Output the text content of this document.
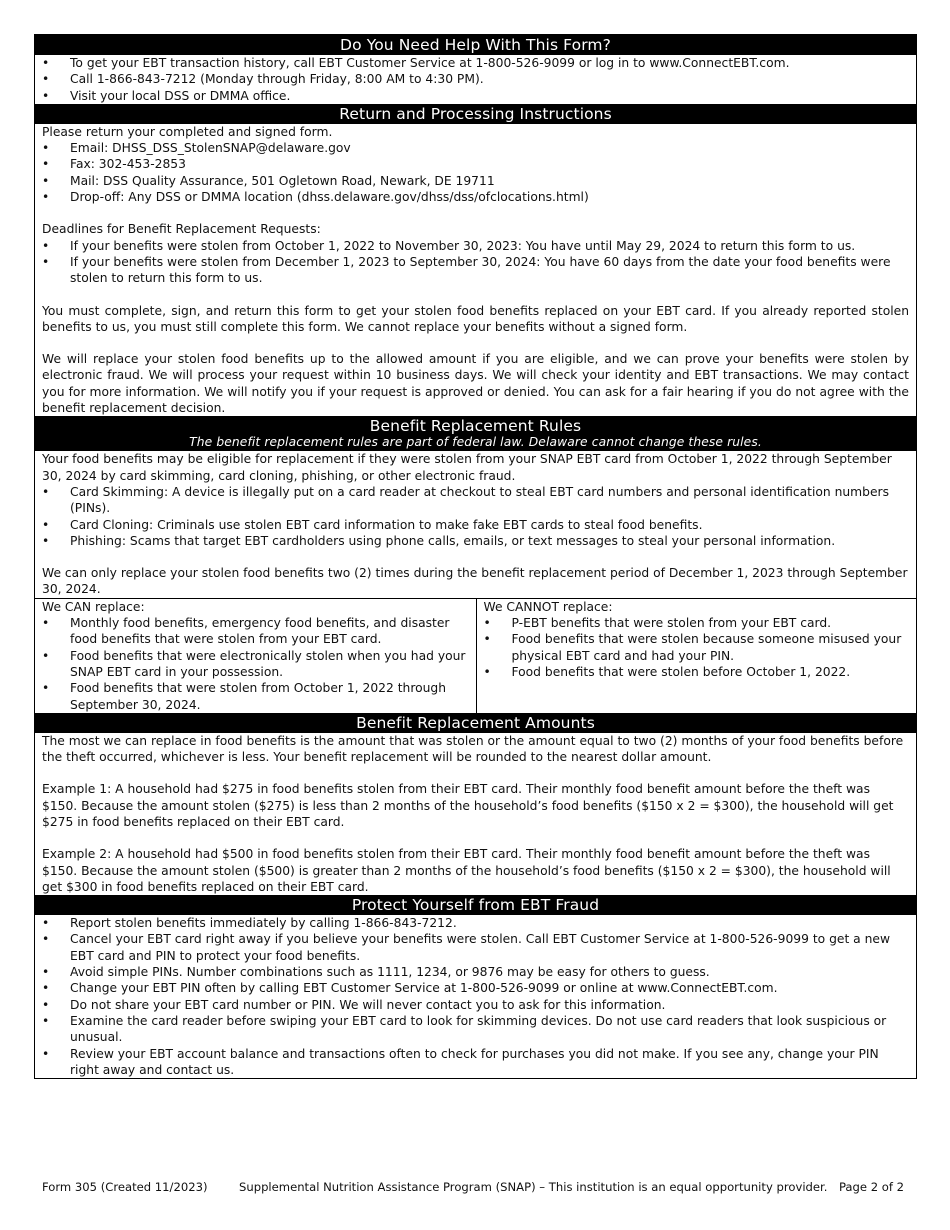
Do You Need Help With This Form?
• To get your EBT transaction history, call EBT Customer Service at 1-800-526-9099 or log in to www.ConnectEBT.com.
• Call 1-866-843-7212 (Monday through Friday, 8:00 AM to 4:30 PM).
• Visit your local DSS or DMMA office.
Return and Processing Instructions

Please return your completed and signed form.

• Email: DHSS_DSS_StolenSNAP@delaware.gov
• Fax: 302-453-2853
• Mail: DSS Quality Assurance, 501 Ogletown Road, Newark, DE 19711
• Drop-off: Any DSS or DMMA location (dhss.delaware.gov/dhss/dss/ofclocations.html)

Deadlines for Benefit Replacement Requests:

• If your benefits were stolen from October 1, 2022 to November 30, 2023: You have until May 29, 2024 to return this form to us.
• If your benefits were stolen from December 1, 2023 to September 30, 2024: You have 60 days from the date your food benefits were stolen to return this form to us.

You must complete, sign, and return this form to get your stolen food benefits replaced on your EBT card. If you already reported stolen benefits to us, you must still complete this form. We cannot replace your benefits without a signed form.

We will replace your stolen food benefits up to the allowed amount if you are eligible, and we can prove your benefits were stolen by electronic fraud. We will process your request within 10 business days. We will check your identity and EBT transactions. We may contact you for more information. We will notify you if your request is approved or denied. You can ask for a fair hearing if you do not agree with the benefit replacement decision.

Benefit Replacement Rules
The benefit replacement rules are part of federal law. Delaware cannot change these rules.

Your food benefits may be eligible for replacement if they were stolen from your SNAP EBT card from October 1, 2022 through September 30, 2024 by card skimming, card cloning, phishing, or other electronic fraud.

• Card Skimming: A device is illegally put on a card reader at checkout to steal EBT card numbers and personal identification numbers (PINs).
• Card Cloning: Criminals use stolen EBT card information to make fake EBT cards to steal food benefits.
• Phishing: Scams that target EBT cardholders using phone calls, emails, or text messages to steal your personal information.

We can only replace your stolen food benefits two (2) times during the benefit replacement period of December 1, 2023 through September 30, 2024.

We CAN replace:

• Monthly food benefits, emergency food benefits, and disaster food benefits that were stolen from your EBT card.
• Food benefits that were electronically stolen when you had your SNAP EBT card in your possession.
• Food benefits that were stolen from October 1, 2022 through September 30, 2024.

We CANNOT replace:

• P-EBT benefits that were stolen from your EBT card.
• Food benefits that were stolen because someone misused your physical EBT card and had your PIN.
• Food benefits that were stolen before October 1, 2022.
Benefit Replacement Amounts

The most we can replace in food benefits is the amount that was stolen or the amount equal to two (2) months of your food benefits before the theft occurred, whichever is less. Your benefit replacement will be rounded to the nearest dollar amount.

Example 1: A household had $275 in food benefits stolen from their EBT card. Their monthly food benefit amount before the theft was $150. Because the amount stolen ($275) is less than 2 months of the household’s food benefits ($150 x 2 = $300), the household will get $275 in food benefits replaced on their EBT card.

Example 2: A household had $500 in food benefits stolen from their EBT card. Their monthly food benefit amount before the theft was $150. Because the amount stolen ($500) is greater than 2 months of the household’s food benefits ($150 x 2 = $300), the household will get $300 in food benefits replaced on their EBT card.

Protect Yourself from EBT Fraud
• Report stolen benefits immediately by calling 1-866-843-7212.
• Cancel your EBT card right away if you believe your benefits were stolen. Call EBT Customer Service at 1-800-526-9099 to get a new EBT card and PIN to protect your food benefits.
• Avoid simple PINs. Number combinations such as 1111, 1234, or 9876 may be easy for others to guess.
• Change your EBT PIN often by calling EBT Customer Service at 1-800-526-9099 or online at www.ConnectEBT.com.
• Do not share your EBT card number or PIN. We will never contact you to ask for this information.
• Examine the card reader before swiping your EBT card to look for skimming devices. Do not use card readers that look suspicious or unusual.
• Review your EBT account balance and transactions often to check for purchases you did not make. If you see any, change your PIN right away and contact us.
Form 305 (Created 11/2023)	Supplemental Nutrition Assistance Program (SNAP) – This institution is an equal opportunity provider. Page 2 of 2
